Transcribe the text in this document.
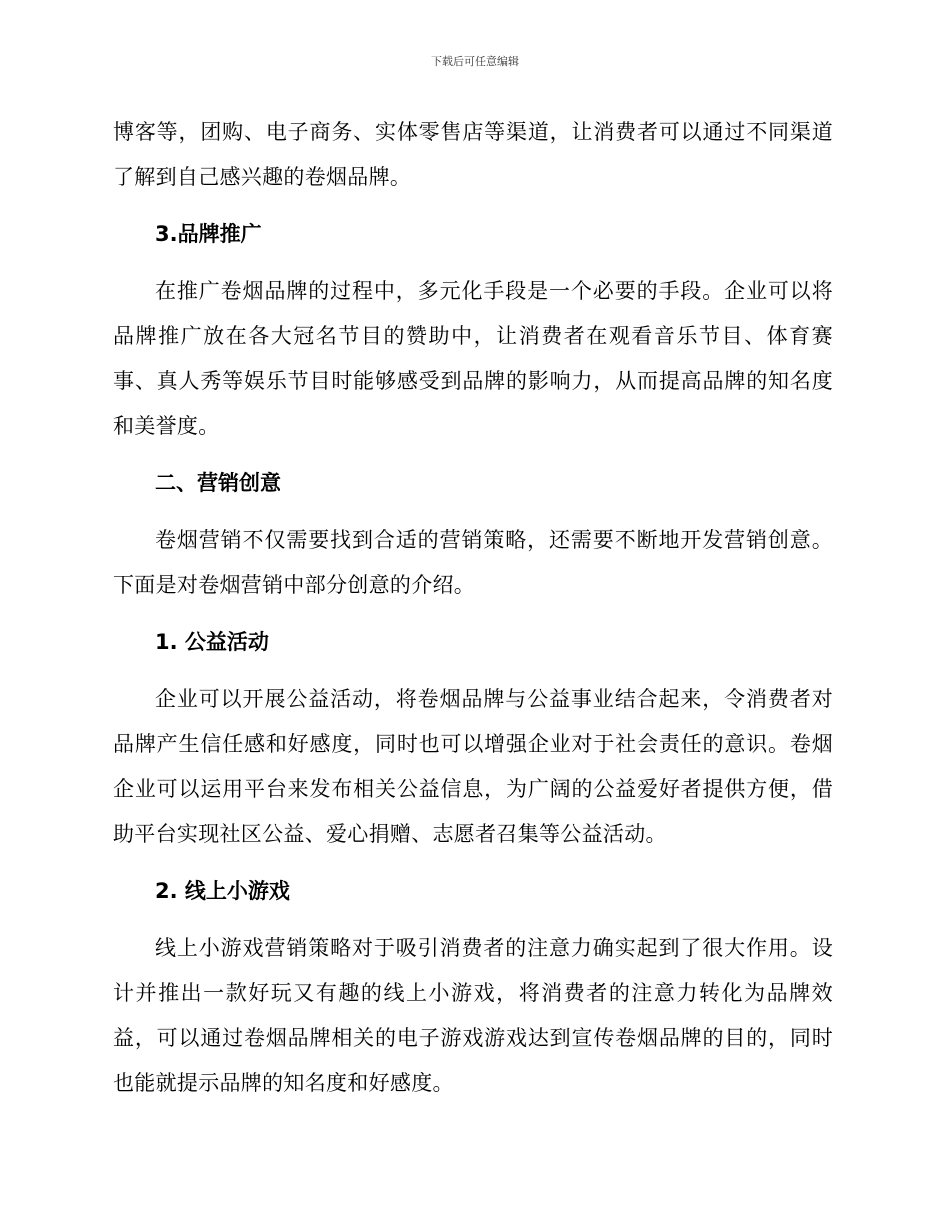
下载后可任意编辑

博客等，团购、电子商务、实体零售店等渠道，让消费者可以通过不同渠道了解到自己感兴趣的卷烟品牌。

3.品牌推广

在推广卷烟品牌的过程中，多元化手段是一个必要的手段。企业可以将品牌推广放在各大冠名节目的赞助中，让消费者在观看音乐节目、体育赛事、真人秀等娱乐节目时能够感受到品牌的影响力，从而提高品牌的知名度和美誉度。

二、营销创意

卷烟营销不仅需要找到合适的营销策略，还需要不断地开发营销创意。下面是对卷烟营销中部分创意的介绍。

1. 公益活动

企业可以开展公益活动，将卷烟品牌与公益事业结合起来，令消费者对品牌产生信任感和好感度，同时也可以增强企业对于社会责任的意识。卷烟企业可以运用平台来发布相关公益信息，为广阔的公益爱好者提供方便，借助平台实现社区公益、爱心捐赠、志愿者召集等公益活动。

2. 线上小游戏

线上小游戏营销策略对于吸引消费者的注意力确实起到了很大作用。设计并推出一款好玩又有趣的线上小游戏，将消费者的注意力转化为品牌效益，可以通过卷烟品牌相关的电子游戏游戏达到宣传卷烟品牌的目的，同时也能就提示品牌的知名度和好感度。
